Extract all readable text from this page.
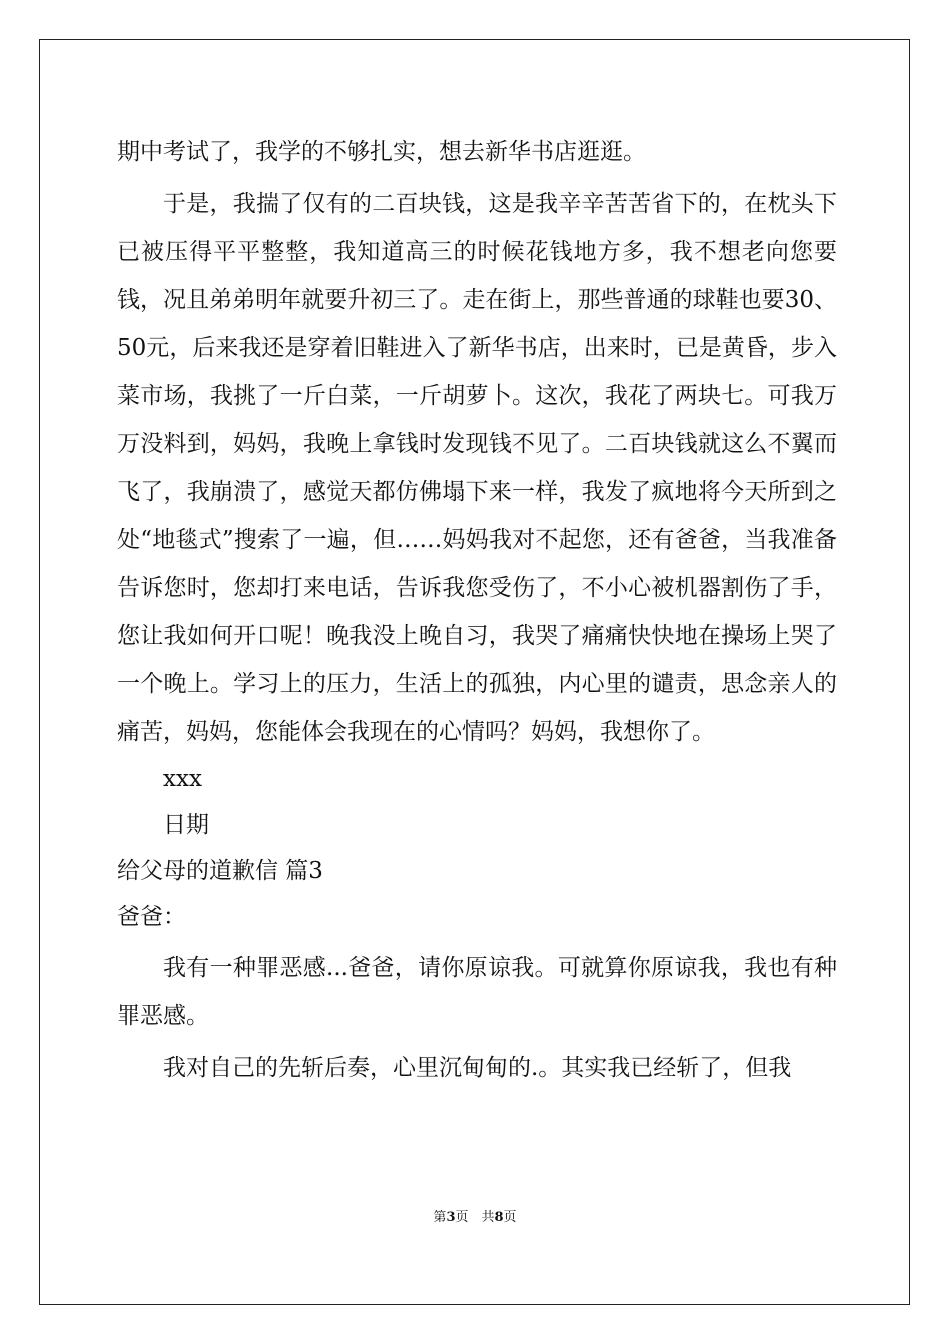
期中考试了，我学的不够扎实，想去新华书店逛逛。

于是，我揣了仅有的二百块钱，这是我辛辛苦苦省下的，在枕头下已被压得平平整整，我知道高三的时候花钱地方多，我不想老向您要钱，况且弟弟明年就要升初三了。走在街上，那些普通的球鞋也要30、50元，后来我还是穿着旧鞋进入了新华书店，出来时，已是黄昏，步入菜市场，我挑了一斤白菜，一斤胡萝卜。这次，我花了两块七。可我万万没料到，妈妈，我晚上拿钱时发现钱不见了。二百块钱就这么不翼而飞了，我崩溃了，感觉天都仿佛塌下来一样，我发了疯地将今天所到之处“地毯式”搜索了一遍，但……妈妈我对不起您，还有爸爸，当我准备告诉您时，您却打来电话，告诉我您受伤了，不小心被机器割伤了手，您让我如何开口呢！晚我没上晚自习，我哭了痛痛快快地在操场上哭了一个晚上。学习上的压力，生活上的孤独，内心里的谴责，思念亲人的痛苦，妈妈，您能体会我现在的心情吗？妈妈，我想你了。

xxx

日期

给父母的道歉信 篇3

爸爸：

我有一种罪恶感...爸爸，请你原谅我。可就算你原谅我，我也有种罪恶感。

我对自己的先斩后奏，心里沉甸甸的.。其实我已经斩了，但我

第3页　共8页
